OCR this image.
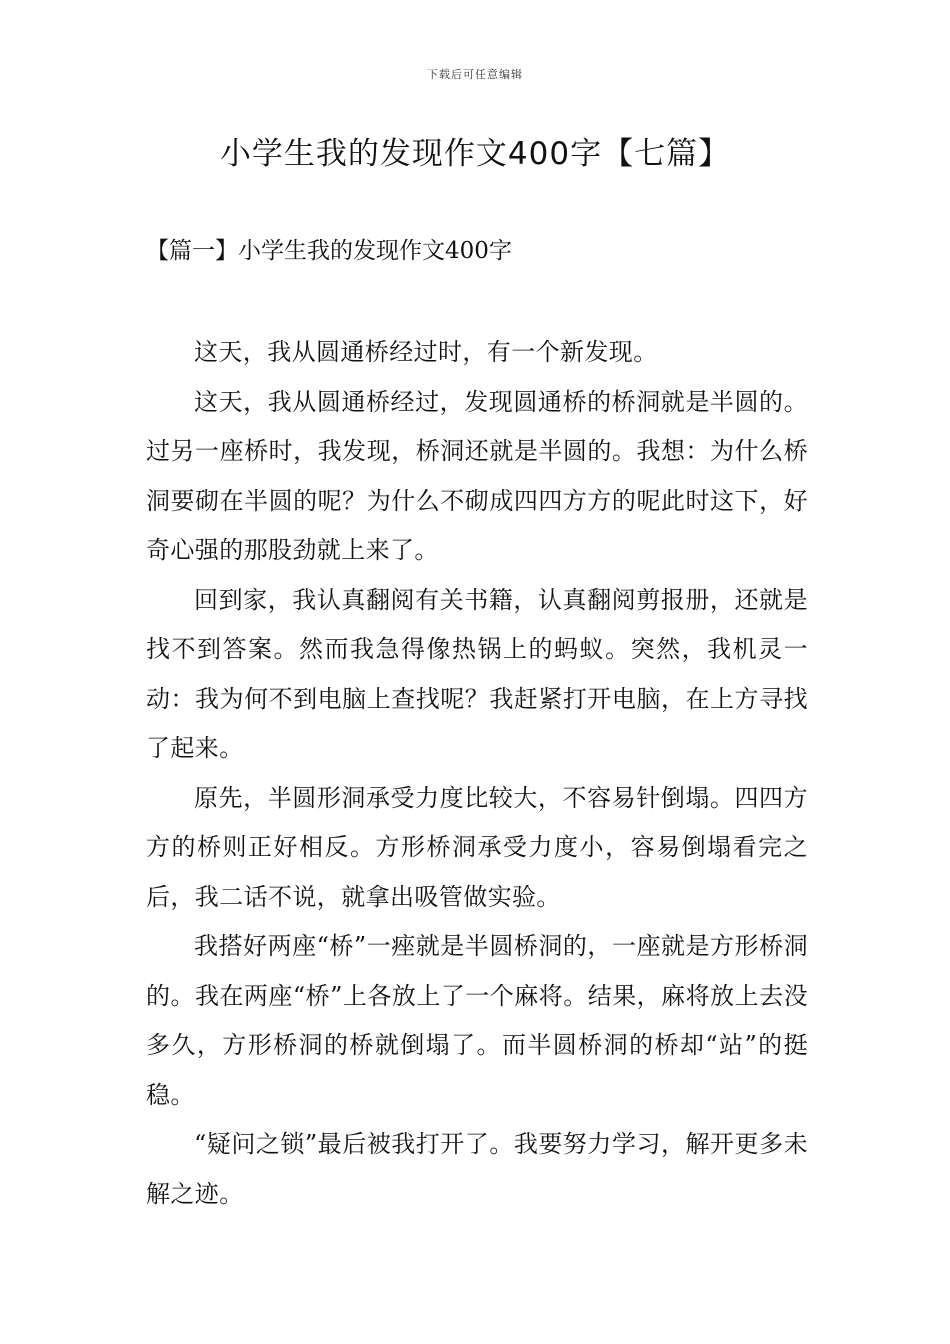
下载后可任意编辑
小学生我的发现作文400字【七篇】
【篇一】小学生我的发现作文400字

这天，我从圆通桥经过时，有一个新发现。

这天，我从圆通桥经过，发现圆通桥的桥洞就是半圆的。过另一座桥时，我发现，桥洞还就是半圆的。我想：为什么桥洞要砌在半圆的呢？为什么不砌成四四方方的呢此时这下，好奇心强的那股劲就上来了。

回到家，我认真翻阅有关书籍，认真翻阅剪报册，还就是找不到答案。然而我急得像热锅上的蚂蚁。突然，我机灵一动：我为何不到电脑上查找呢？我赶紧打开电脑，在上方寻找了起来。

原先，半圆形洞承受力度比较大，不容易针倒塌。四四方方的桥则正好相反。方形桥洞承受力度小，容易倒塌看完之后，我二话不说，就拿出吸管做实验。

我搭好两座“桥”一痤就是半圆桥洞的，一座就是方形桥洞的。我在两座“桥”上各放上了一个麻将。结果，麻将放上去没多久，方形桥洞的桥就倒塌了。而半圆桥洞的桥却“站”的挺稳。

“疑问之锁”最后被我打开了。我要努力学习，解开更多未解之迹。
